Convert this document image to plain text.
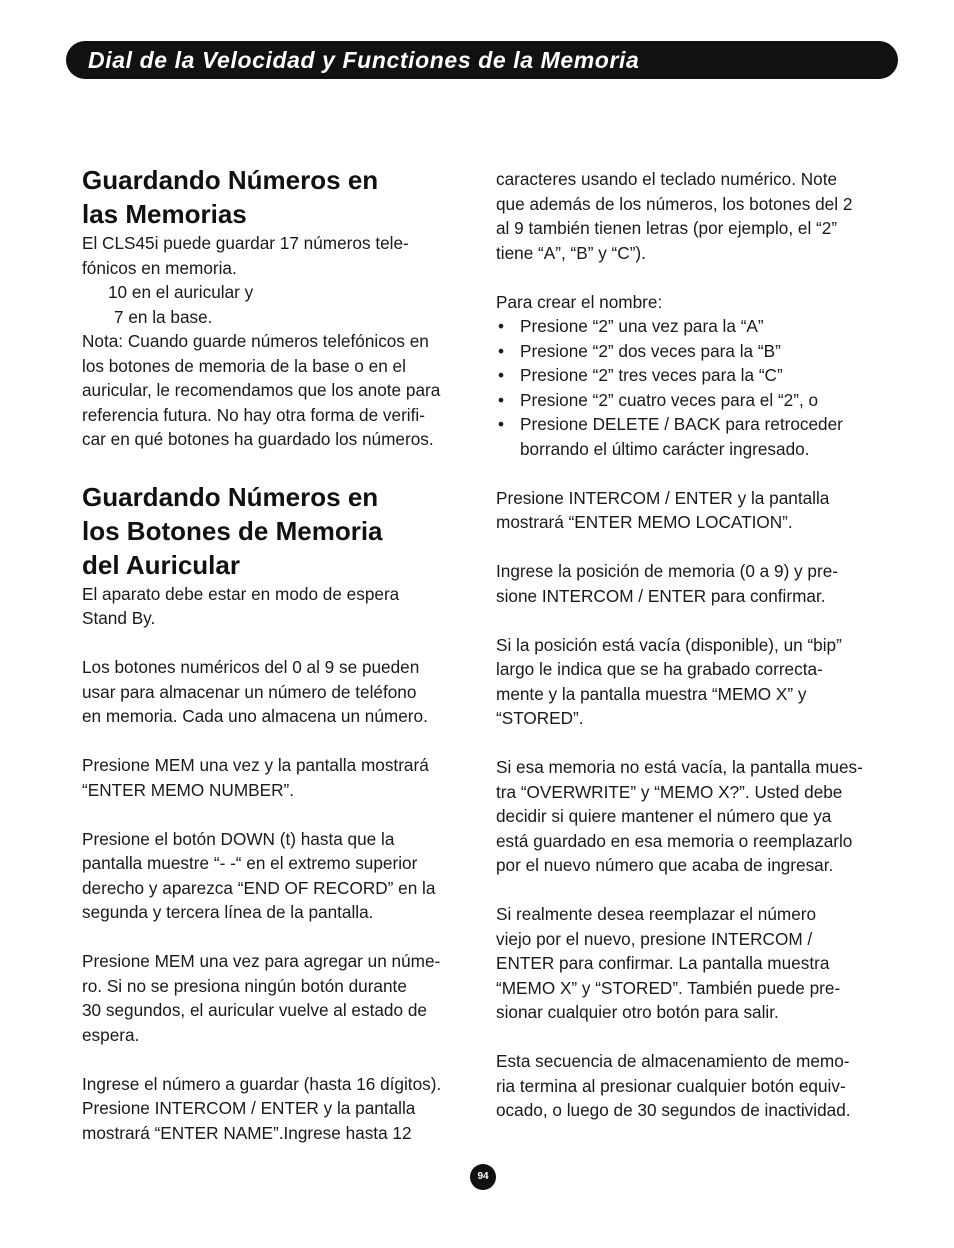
Dial de la Velocidad y Functiones de la Memoria
Guardando Números en
las Memorias

El CLS45i puede guardar 17 números tele-
fónicos en memoria.

10 en el auricular y

7 en la base.

Nota: Cuando guarde números telefónicos en
los botones de memoria de la base o en el
auricular, le recomendamos que los anote para
referencia futura. No hay otra forma de verifi-
car en qué botones ha guardado los números.

Guardando Números en
los Botones de Memoria
del Auricular

El aparato debe estar en modo de espera
Stand By.

Los botones numéricos del 0 al 9 se pueden
usar para almacenar un número de teléfono
en memoria. Cada uno almacena un número.

Presione MEM una vez y la pantalla mostrará
“ENTER MEMO NUMBER”.

Presione el botón DOWN (t) hasta que la
pantalla muestre “- -“ en el extremo superior
derecho y aparezca “END OF RECORD” en la
segunda y tercera línea de la pantalla.

Presione MEM una vez para agregar un núme-
ro. Si no se presiona ningún botón durante
30 segundos, el auricular vuelve al estado de
espera.

Ingrese el número a guardar (hasta 16 dígitos).
Presione INTERCOM / ENTER y la pantalla
mostrará “ENTER NAME”.Ingrese hasta 12

caracteres usando el teclado numérico. Note
que además de los números, los botones del 2
al 9 también tienen letras (por ejemplo, el “2”
tiene “A”, “B” y “C”).

Para crear el nombre:

• Presione “2” una vez para la “A”
• Presione “2” dos veces para la “B”
• Presione “2” tres veces para la “C”
• Presione “2” cuatro veces para el “2”, o
• Presione DELETE / BACK para retroceder
borrando el último carácter ingresado.

Presione INTERCOM / ENTER y la pantalla
mostrará “ENTER MEMO LOCATION”.

Ingrese la posición de memoria (0 a 9) y pre-
sione INTERCOM / ENTER para confirmar.

Si la posición está vacía (disponible), un “bip”
largo le indica que se ha grabado correcta-
mente y la pantalla muestra “MEMO X” y
“STORED”.

Si esa memoria no está vacía, la pantalla mues-
tra “OVERWRITE” y “MEMO X?”. Usted debe
decidir si quiere mantener el número que ya
está guardado en esa memoria o reemplazarlo
por el nuevo número que acaba de ingresar.

Si realmente desea reemplazar el número
viejo por el nuevo, presione INTERCOM /
ENTER para confirmar. La pantalla muestra
“MEMO X” y “STORED”. También puede pre-
sionar cualquier otro botón para salir.

Esta secuencia de almacenamiento de memo-
ria termina al presionar cualquier botón equiv-
ocado, o luego de 30 segundos de inactividad.

94
